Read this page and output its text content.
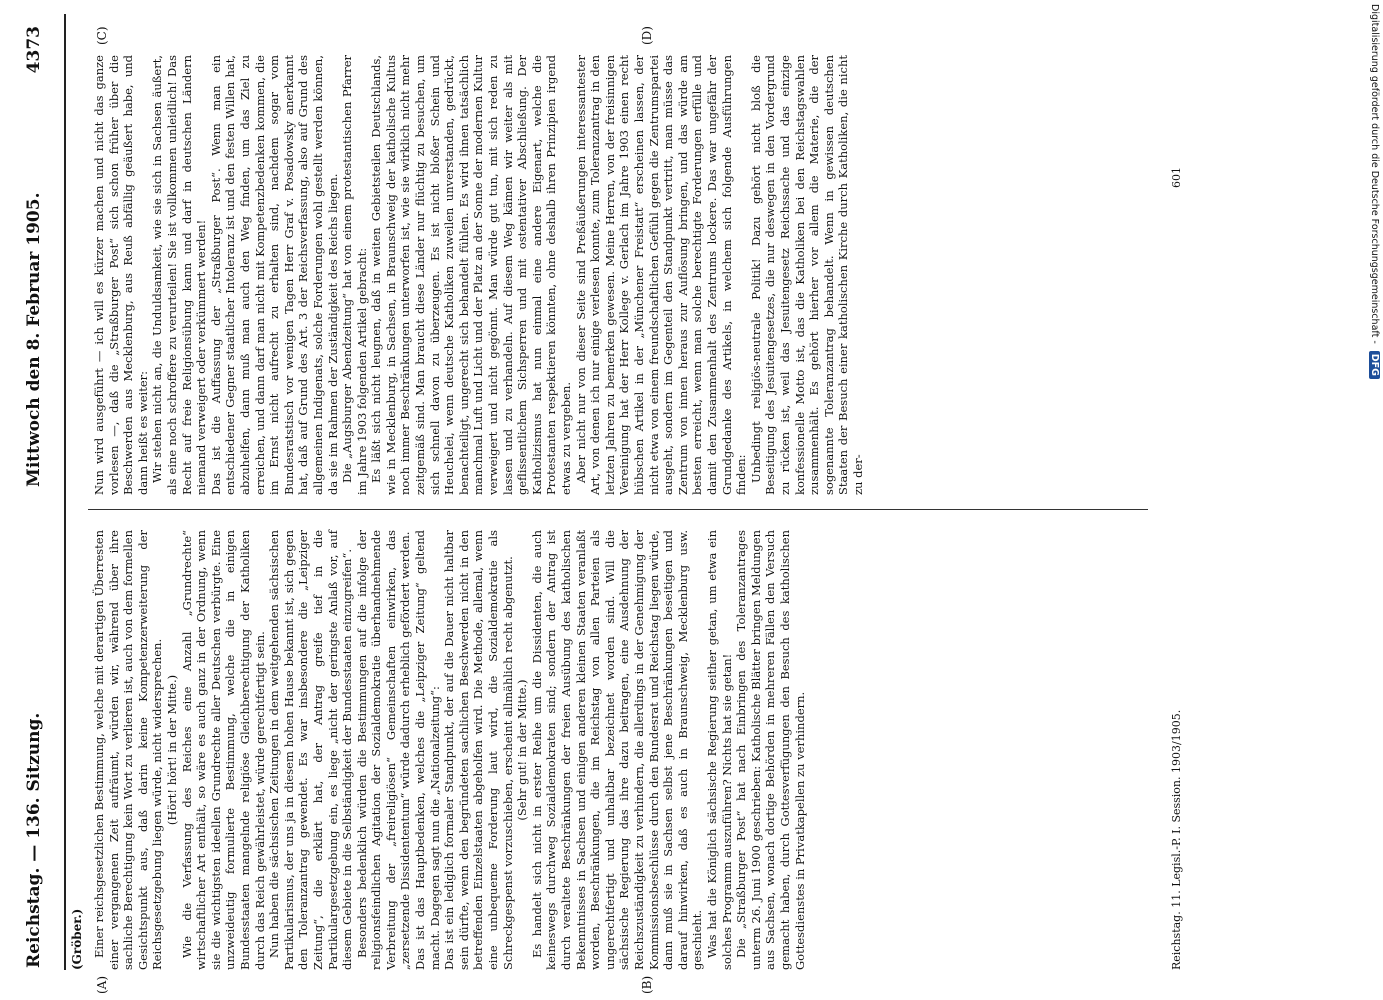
Reichstag. — 136. Sitzung.
Mittwoch den 8. Februar 1905.
4373
(Gröber.)
(A)	(B)
(C)	(D)

Einer reichsgesetzlichen Bestimmung, welche mit derartigen Überresten einer vergangenen Zeit aufräumt, würden wir, während über ihre sachliche Berechtigung kein Wort zu verlieren ist, auch von dem formellen Gesichtspunkt aus, daß darin keine Kompetenzerweiterung der Reichsgesetzgebung liegen würde, nicht widersprechen. (Hört! hört! in der Mitte.) Wie die Verfassung des Reiches eine Anzahl „Grundrechte“ wirtschaftlicher Art enthält, so wäre es auch ganz in der Ordnung, wenn sie die wichtigsten ideellen Grundrechte aller Deutschen verbürgte. Eine unzweideutig formulierte Bestimmung, welche die in einigen Bundesstaaten mangelnde religiöse Gleichberechtigung der Katholiken durch das Reich gewährleistet, würde gerechtfertigt sein. Nun haben die sächsischen Zeitungen in dem weitgehenden sächsischen Partikularismus, der uns ja in diesem hohen Hause bekannt ist, sich gegen den Toleranzantrag gewendet. Es war insbesondere die „Leipziger Zeitung“, die erklärt hat, der Antrag greife tief in die Partikulargesetzgebung ein, es liege „nicht der geringste Anlaß vor, auf diesem Gebiete in die Selbständigkeit der Bundesstaaten einzugreifen“. Besonders bedenklich würden die Bestimmungen auf die infolge der religionsfeindlichen Agitation der Sozialdemokratie überhandnehmende Verbreitung der „freireligiösen“ Gemeinschaften einwirken, das „zersetzende Dissidententum“ würde dadurch erheblich gefördert werden. Das ist das Hauptbedenken, welches die „Leipziger Zeitung“ geltend macht. Dagegen sagt nun die „Nationalzeitung“: Das ist ein lediglich formaler Standpunkt, der auf die Dauer nicht haltbar sein dürfte, wenn den begründeten sachlichen Beschwerden nicht in den betreffenden Einzelstaaten abgeholfen wird. Die Methode, allemal, wenn eine unbequeme Forderung laut wird, die Sozialdemokratie als Schreckgespenst vorzuschieben, erscheint allmählich recht abgenutzt. (Sehr gut! in der Mitte.) Es handelt sich nicht in erster Reihe um die Dissidenten, die auch keineswegs durchweg Sozialdemokraten sind; sondern der Antrag ist durch veraltete Beschränkungen der freien Ausübung des katholischen Bekenntnisses in Sachsen und einigen anderen kleinen Staaten veranlaßt worden, Beschränkungen, die im Reichstag von allen Parteien als ungerechtfertigt und unhaltbar bezeichnet worden sind. Will die sächsische Regierung das ihre dazu beitragen, eine Ausdehnung der Reichszuständigkeit zu verhindern, die allerdings in der Genehmigung der Kommissionsbeschlüsse durch den Bundesrat und Reichstag liegen würde, dann muß sie in Sachsen selbst jene Beschränkungen beseitigen und darauf hinwirken, daß es auch in Braunschweig, Mecklenburg usw. geschieht. Was hat die Königlich sächsische Regierung seither getan, um etwa ein solches Programm auszuführen? Nichts hat sie getan! Die „Straßburger Post“ hat nach Einbringen des Toleranzantrages unterm 26. Juni 1900 geschrieben: Katholische Blätter bringen Meldungen aus Sachsen, wonach dortige Behörden in mehreren Fällen den Versuch gemacht haben, durch Gottesverfügungen den Besuch des katholischen Gottesdienstes in Privatkapellen zu verhindern.

Nun wird ausgeführt — ich will es kürzer machen und nicht das ganze vorlesen —, daß die „Straßburger Post“ sich schon früher über die Beschwerden aus Mecklenburg, aus Reuß abfällig geäußert habe, und dann heißt es weiter: Wir stehen nicht an, die Unduldsamkeit, wie sie sich in Sachsen äußert, als eine noch schroffere zu verurteilen! Sie ist vollkommen unleidlich! Das Recht auf freie Religionsübung kann und darf in deutschen Ländern niemand verweigert oder verkümmert werden! Das ist die Auffassung der „Straßburger Post“. Wenn man ein entschiedener Gegner staatlicher Intoleranz ist und den festen Willen hat, abzuhelfen, dann muß man auch den Weg finden, um das Ziel zu erreichen, und dann darf man nicht mit Kompetenzbedenken kommen, die im Ernst nicht aufrecht zu erhalten sind, nachdem sogar vom Bundesratstisch vor wenigen Tagen Herr Graf v. Posadowsky anerkannt hat, daß auf Grund des Art. 3 der Reichsverfassung, also auf Grund des allgemeinen Indigenats, solche Forderungen wohl gestellt werden können, da sie im Rahmen der Zuständigkeit des Reichs liegen. Die „Augsburger Abendzeitung“ hat von einem protestantischen Pfarrer im Jahre 1903 folgenden Artikel gebracht: Es läßt sich nicht leugnen, daß in weiten Gebietsteilen Deutschlands, wie in Mecklenburg, in Sachsen, in Braunschweig der katholische Kultus noch immer Beschränkungen unterworfen ist, wie sie wirklich nicht mehr zeitgemäß sind. Man braucht diese Länder nur flüchtig zu besuchen, um sich schnell davon zu überzeugen. Es ist nicht bloßer Schein und Heuchelei, wenn deutsche Katholiken zuweilen unverstanden, gedrückt, benachteiligt, ungerecht sich behandelt fühlen. Es wird ihnen tatsächlich manchmal Luft und Licht und der Platz an der Sonne der modernen Kultur verweigert und nicht gegönnt. Man würde gut tun, mit sich reden zu lassen und zu verhandeln. Auf diesem Weg kämen wir weiter als mit geflissentlichem Sichsperren und mit ostentativer Abschließung. Der Katholizismus hat nun einmal eine andere Eigenart, welche die Protestanten respektieren könnten, ohne deshalb ihren Prinzipien irgend etwas zu vergeben. Aber nicht nur von dieser Seite sind Preßäußerungen interessantester Art, von denen ich nur einige verlesen konnte, zum Toleranzantrag in den letzten Jahren zu bemerken gewesen. Meine Herren, von der freisinnigen Vereinigung hat der Herr Kollege v. Gerlach im Jahre 1903 einen recht hübschen Artikel in der „Münchener Freistatt“ erscheinen lassen, der nicht etwa von einem freundschaftlichen Gefühl gegen die Zentrumspartei ausgeht, sondern im Gegenteil den Standpunkt vertritt, man müsse das Zentrum von innen heraus zur Auflösung bringen, und das würde am besten erreicht, wenn man solche berechtigte Forderungen erfülle und damit den Zusammenhalt des Zentrums lockere. Das war ungefähr der Grundgedanke des Artikels, in welchem sich folgende Ausführungen finden: Unbedingt religiös-neutrale Politik! Dazu gehört nicht bloß die Beseitigung des Jesuitengesetzes, die nur deswegen in den Vordergrund zu rücken ist, weil das Jesuitengesetz Reichssache und das einzige konfessionelle Motto ist, das die Katholiken bei den Reichstagswahlen zusammenhält. Es gehört hierher vor allem die Materie, die der sogenannte Toleranzantrag behandelt. Wenn in gewissen deutschen Staaten der Besuch einer katholischen Kirche durch Katholiken, die nicht zu der-

Reichstag. 11. Legisl.-P. I. Session. 1903/1905.
601	Digitalisierung gefördert durch die Deutsche Forschungsgemeinschaft - DFG
